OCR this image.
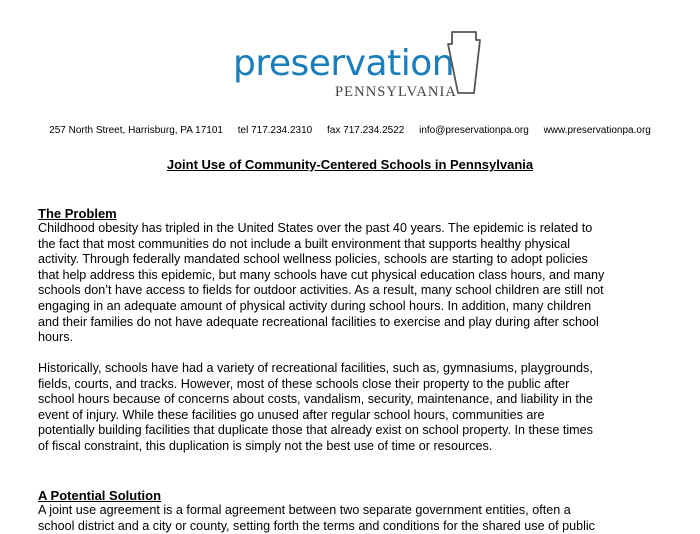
preservation
PENNSYLVANIA
257 North Street, Harrisburg, PA 17101 tel 717.234.2310 fax 717.234.2522 info@preservationpa.org www.preservationpa.org
Joint Use of Community-Centered Schools in Pennsylvania
The Problem
Childhood obesity has tripled in the United States over the past 40 years. The epidemic is related to
the fact that most communities do not include a built environment that supports healthy physical
activity. Through federally mandated school wellness policies, schools are starting to adopt policies
that help address this epidemic, but many schools have cut physical education class hours, and many
schools don’t have access to fields for outdoor activities. As a result, many school children are still not
engaging in an adequate amount of physical activity during school hours. In addition, many children
and their families do not have adequate recreational facilities to exercise and play during after school
hours.
Historically, schools have had a variety of recreational facilities, such as, gymnasiums, playgrounds,
fields, courts, and tracks. However, most of these schools close their property to the public after
school hours because of concerns about costs, vandalism, security, maintenance, and liability in the
event of injury. While these facilities go unused after regular school hours, communities are
potentially building facilities that duplicate those that already exist on school property. In these times
of fiscal constraint, this duplication is simply not the best use of time or resources.
A Potential Solution
A joint use agreement is a formal agreement between two separate government entities, often a
school district and a city or county, setting forth the terms and conditions for the shared use of public
